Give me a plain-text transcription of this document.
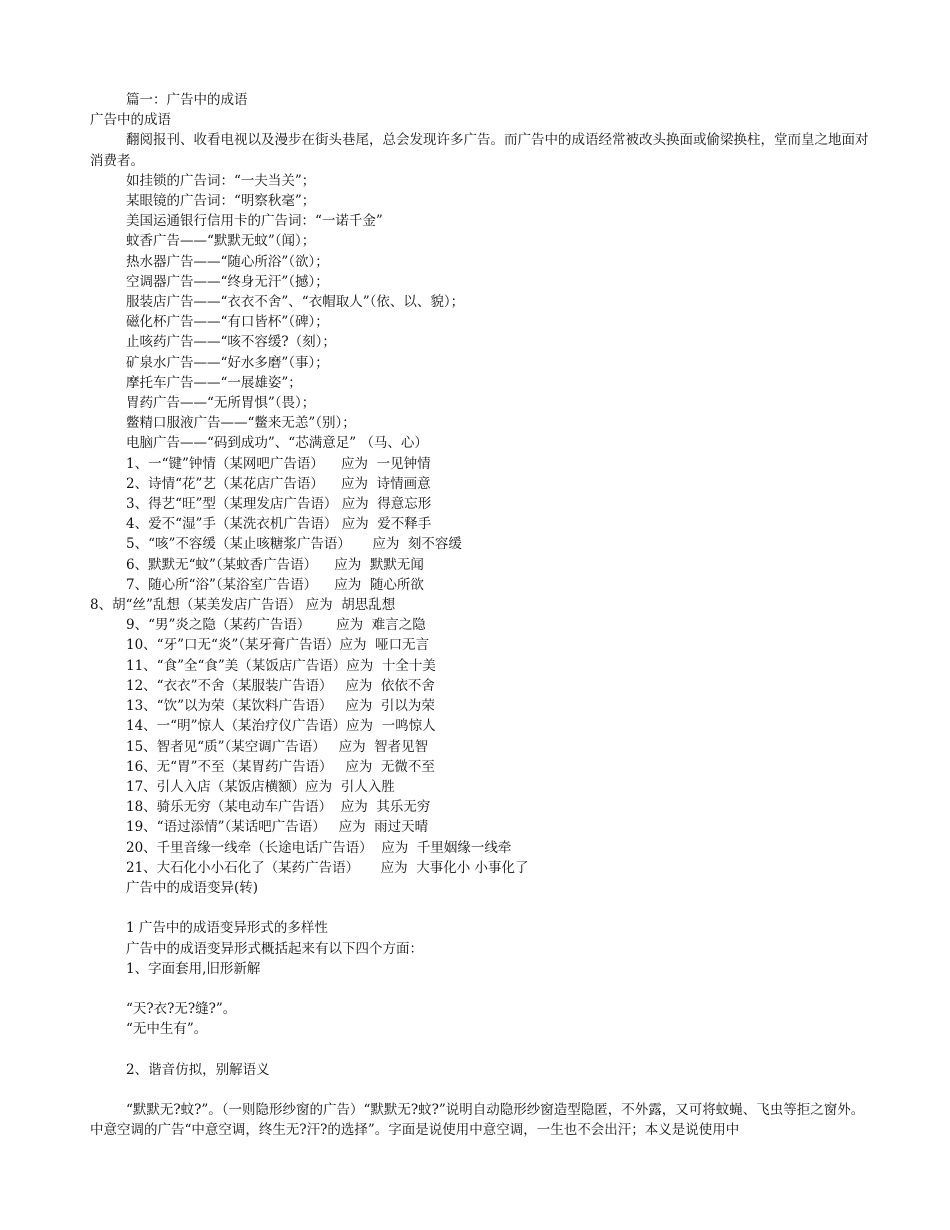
篇一：广告中的成语
广告中的成语
翻阅报刊、收看电视以及漫步在街头巷尾，总会发现许多广告。而广告中的成语经常被改头换面或偷梁换柱，堂而皇之地面对消费者。
如挂锁的广告词：“一夫当关”；
某眼镜的广告词：“明察秋毫”；
美国运通银行信用卡的广告词：“一诺千金”
蚊香广告——“默默无蚊”（闻）；
热水器广告——“随心所浴”（欲）；
空调器广告——“终身无汗”（撼）；
服装店广告——“衣衣不舍”、“衣帽取人”（依、以、貌）；
磁化杯广告——“有口皆杯”（碑）；
止咳药广告——“咳不容缓?（刻）；
矿泉水广告——“好水多磨”（事）；
摩托车广告——“一展雄姿”；
胃药广告——“无所胃惧”（畏）；
鳖精口服液广告——“鳖来无恙”（别）；
电脑广告——“码到成功”、“芯满意足” （马、心）
1、一“键”钟情（某网吧广告语）    应为  一见钟情
2、诗情“花”艺（某花店广告语）    应为  诗情画意
3、得艺“旺”型（某理发店广告语） 应为  得意忘形
4、爱不“湿”手（某洗衣机广告语） 应为  爱不释手
5、“咳”不容缓（某止咳糖浆广告语）     应为  刻不容缓
6、默默无“蚊”（某蚊香广告语）    应为  默默无闻
7、随心所“浴”（某浴室广告语）    应为  随心所欲
8、胡“丝”乱想（某美发店广告语） 应为  胡思乱想
9、“男”炎之隐（某药广告语）      应为  难言之隐
10、“牙”口无“炎”（某牙膏广告语）应为  哑口无言
11、“食”全“食”美（某饭店广告语）应为  十全十美
12、“衣衣”不舍（某服装广告语）   应为  依依不舍
13、“饮”以为荣（某饮料广告语）   应为  引以为荣
14、一“明”惊人（某治疗仪广告语）应为  一鸣惊人
15、智者见“质”（某空调广告语）   应为  智者见智
16、无“胃”不至（某胃药广告语）   应为  无微不至
17、引人入店（某饭店横额）应为  引人入胜
18、骑乐无穷（某电动车广告语）  应为  其乐无穷
19、“语过添情”（某话吧广告语）   应为  雨过天晴
20、千里音缘一线牵（长途电话广告语）  应为  千里姻缘一线牵
21、大石化小小石化了（某药广告语）     应为  大事化小 小事化了
广告中的成语变异(转)
1 广告中的成语变异形式的多样性
广告中的成语变异形式概括起来有以下四个方面：
1、字面套用,旧形新解
“天?衣?无?缝?”。
“无中生有”。
2、谐音仿拟，别解语义
“默默无?蚊?”。（一则隐形纱窗的广告）“默默无?蚊?”说明自动隐形纱窗造型隐匿，不外露，又可将蚊蝇、飞虫等拒之窗外。
中意空调的广告“中意空调，终生无?汗?的选择”。字面是说使用中意空调，一生也不会出汗；本义是说使用中
